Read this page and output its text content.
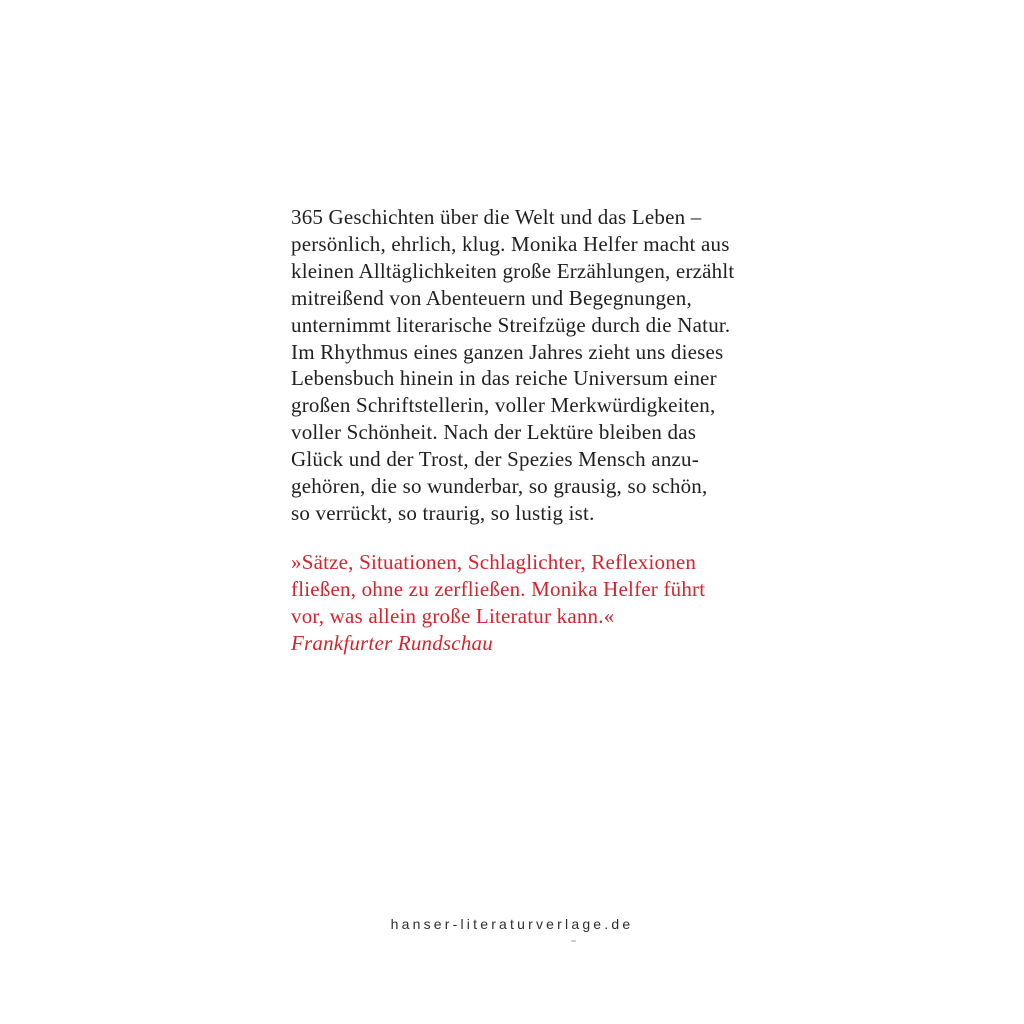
365 Geschichten über die Welt und das Leben –
persönlich, ehrlich, klug. Monika Helfer macht aus
kleinen Alltäglichkeiten große Erzählungen, erzählt
mitreißend von Abenteuern und Begegnungen,
unternimmt literarische Streifzüge durch die Natur.
Im Rhythmus eines ganzen Jahres zieht uns dieses
Lebensbuch hinein in das reiche Universum einer
großen Schriftstellerin, voller Merkwürdigkeiten,
voller Schönheit. Nach der Lektüre bleiben das
Glück und der Trost, der Spezies Mensch anzu-
gehören, die so wunderbar, so grausig, so schön,
so verrückt, so traurig, so lustig ist.
»Sätze, Situationen, Schlaglichter, Reflexionen
fließen, ohne zu zerfließen. Monika Helfer führt
vor, was allein große Literatur kann.«
Frankfurter Rundschau
hanser-literaturverlage.de
